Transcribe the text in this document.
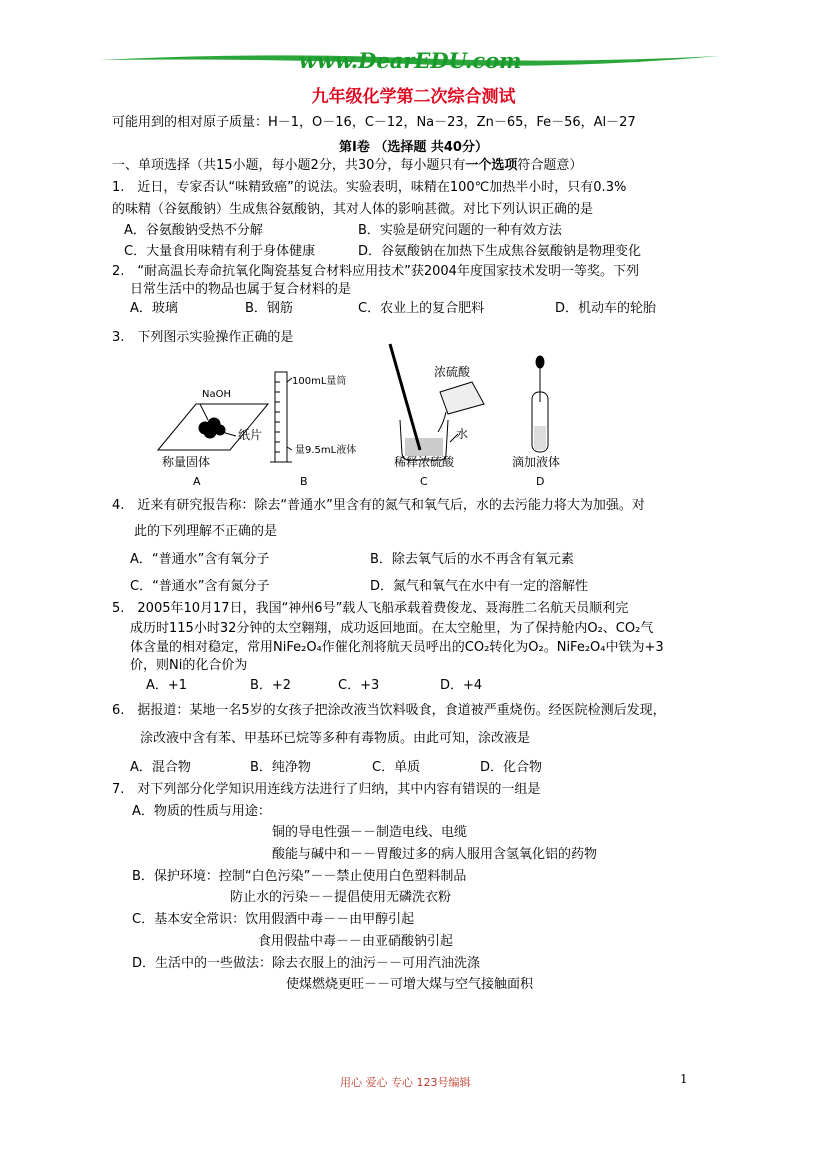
www.DearEDU.com
九年级化学第二次综合测试
可能用到的相对原子质量：H－1，O－16，C－12，Na－23，Zn－65，Fe－56，Al－27
第Ⅰ卷 （选择题 共40分）
一、单项选择（共15小题，每小题2分，共30分，每小题只有一个选项符合题意）
1.　近日，专家否认“味精致癌”的说法。实验表明，味精在100℃加热半小时，只有0.3%
的味精（谷氨酸钠）生成焦谷氨酸钠，其对人体的影响甚微。对比下列认识正确的是
A．谷氨酸钠受热不分解	B．实验是研究问题的一种有效方法
C．大量食用味精有利于身体健康	D．谷氨酸钠在加热下生成焦谷氨酸钠是物理变化
2.　“耐高温长寿命抗氧化陶瓷基复合材料应用技术”获2004年度国家技术发明一等奖。下列
日常生活中的物品也属于复合材料的是
A．玻璃	B．钢筋	C．农业上的复合肥料	D．机动车的轮胎
3.　下列图示实验操作正确的是
NaOH
纸片
称量固体
A
100mL量筒
量9.5mL液体
B
浓硫酸
水
稀释浓硫酸
C
滴加液体
D
4.　近来有研究报告称：除去“普通水”里含有的氮气和氧气后，水的去污能力将大为加强。对
此的下列理解不正确的是
A．“普通水”含有氧分子	B．除去氧气后的水不再含有氧元素
C．“普通水”含有氮分子	D．氮气和氧气在水中有一定的溶解性
5.　2005年10月17日，我国“神州6号”载人飞船承载着费俊龙、聂海胜二名航天员顺利完
成历时115小时32分钟的太空翱翔，成功返回地面。在太空舱里，为了保持舱内O₂、CO₂气
体含量的相对稳定，常用NiFe₂O₄作催化剂将航天员呼出的CO₂转化为O₂。NiFe₂O₄中铁为+3
价，则Ni的化合价为
A．+1	B．+2	C．+3	D．+4
6.　据报道：某地一名5岁的女孩子把涂改液当饮料吸食，食道被严重烧伤。经医院检测后发现，
涂改液中含有苯、甲基环已烷等多种有毒物质。由此可知，涂改液是
A．混合物	B．纯净物	C．单质	D．化合物
7.　对下列部分化学知识用连线方法进行了归纳，其中内容有错误的一组是
A．物质的性质与用途：
铜的导电性强－－制造电线、电缆
酸能与碱中和－－胃酸过多的病人服用含氢氧化铝的药物
B．保护环境：控制“白色污染”－－禁止使用白色塑料制品
防止水的污染－－提倡使用无磷洗衣粉
C．基本安全常识：饮用假酒中毒－－由甲醇引起
食用假盐中毒－－由亚硝酸钠引起
D．生活中的一些做法：除去衣服上的油污－－可用汽油洗涤
使煤燃烧更旺－－可增大煤与空气接触面积
用心 爱心 专心 123号编辑	1
